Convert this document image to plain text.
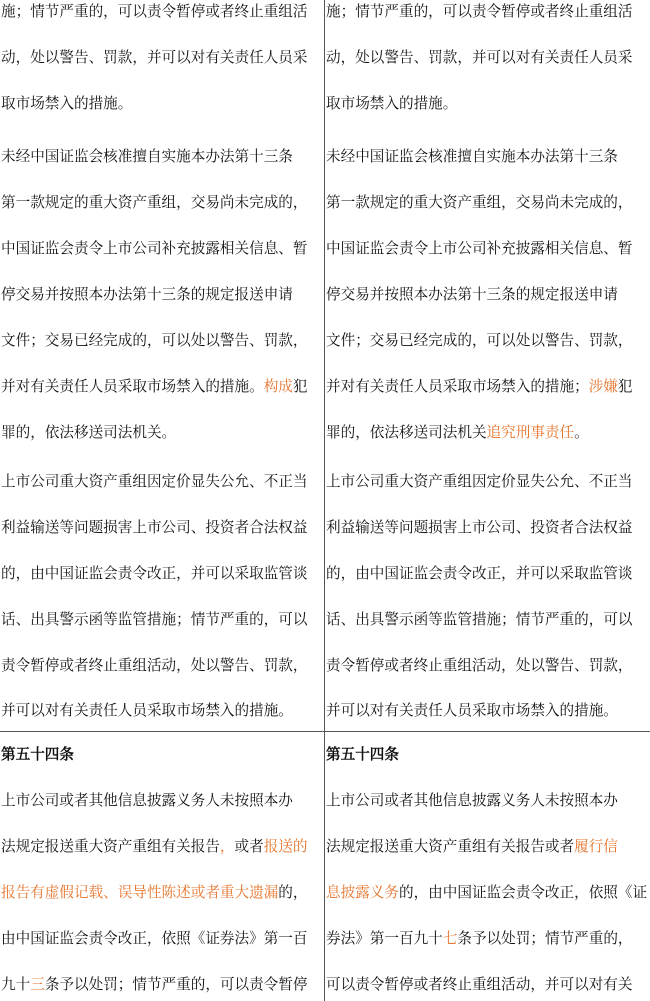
施；情节严重的，可以责令暂停或者终止重组活
动，处以警告、罚款，并可以对有关责任人员采
取市场禁入的措施。
未经中国证监会核准擅自实施本办法第十三条
第一款规定的重大资产重组，交易尚未完成的，
中国证监会责令上市公司补充披露相关信息、暂
停交易并按照本办法第十三条的规定报送申请
文件；交易已经完成的，可以处以警告、罚款，
并对有关责任人员采取市场禁入的措施。构成犯
罪的，依法移送司法机关。
上市公司重大资产重组因定价显失公允、不正当
利益输送等问题损害上市公司、投资者合法权益
的，由中国证监会责令改正，并可以采取监管谈
话、出具警示函等监管措施；情节严重的，可以
责令暂停或者终止重组活动，处以警告、罚款，
并可以对有关责任人员采取市场禁入的措施。
施；情节严重的，可以责令暂停或者终止重组活
动，处以警告、罚款，并可以对有关责任人员采
取市场禁入的措施。
未经中国证监会核准擅自实施本办法第十三条
第一款规定的重大资产重组，交易尚未完成的，
中国证监会责令上市公司补充披露相关信息、暂
停交易并按照本办法第十三条的规定报送申请
文件；交易已经完成的，可以处以警告、罚款，
并对有关责任人员采取市场禁入的措施；涉嫌犯
罪的，依法移送司法机关追究刑事责任。
上市公司重大资产重组因定价显失公允、不正当
利益输送等问题损害上市公司、投资者合法权益
的，由中国证监会责令改正，并可以采取监管谈
话、出具警示函等监管措施；情节严重的，可以
责令暂停或者终止重组活动，处以警告、罚款，
并可以对有关责任人员采取市场禁入的措施。
第五十四条
上市公司或者其他信息披露义务人未按照本办
法规定报送重大资产重组有关报告，或者报送的
报告有虚假记载、误导性陈述或者重大遗漏的，
由中国证监会责令改正，依照《证券法》第一百
九十三条予以处罚；情节严重的，可以责令暂停
第五十四条
上市公司或者其他信息披露义务人未按照本办
法规定报送重大资产重组有关报告或者履行信
息披露义务的，由中国证监会责令改正，依照《证
券法》第一百九十七条予以处罚；情节严重的，
可以责令暂停或者终止重组活动，并可以对有关
